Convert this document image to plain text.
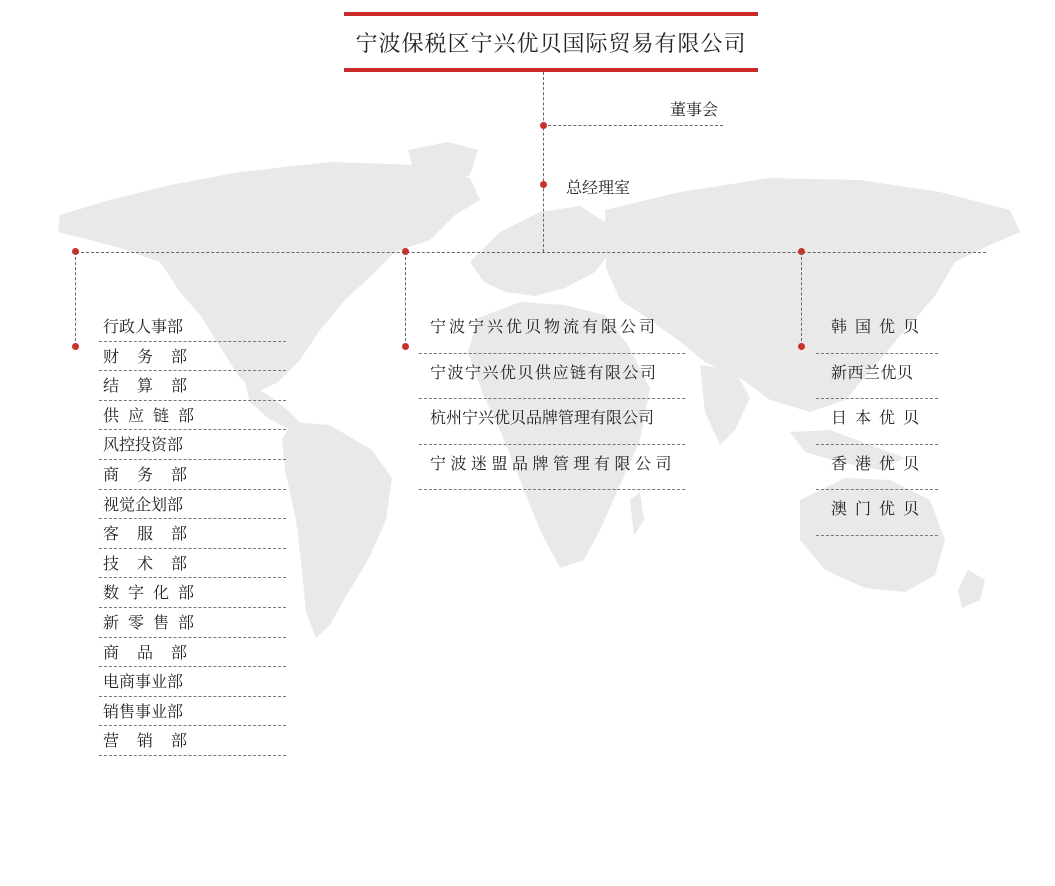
宁波保税区宁兴优贝国际贸易有限公司
董事会
总经理室
行政人事部
财务部
结算部
供应链部
风控投资部
商务部
视觉企划部
客服部
技术部
数字化部
新零售部
商品部
电商事业部
销售事业部
营销部
宁波宁兴优贝物流有限公司
宁波宁兴优贝供应链有限公司
杭州宁兴优贝品牌管理有限公司
宁波迷盟品牌管理有限公司
韩国优贝
新西兰优贝
日本优贝
香港优贝
澳门优贝
